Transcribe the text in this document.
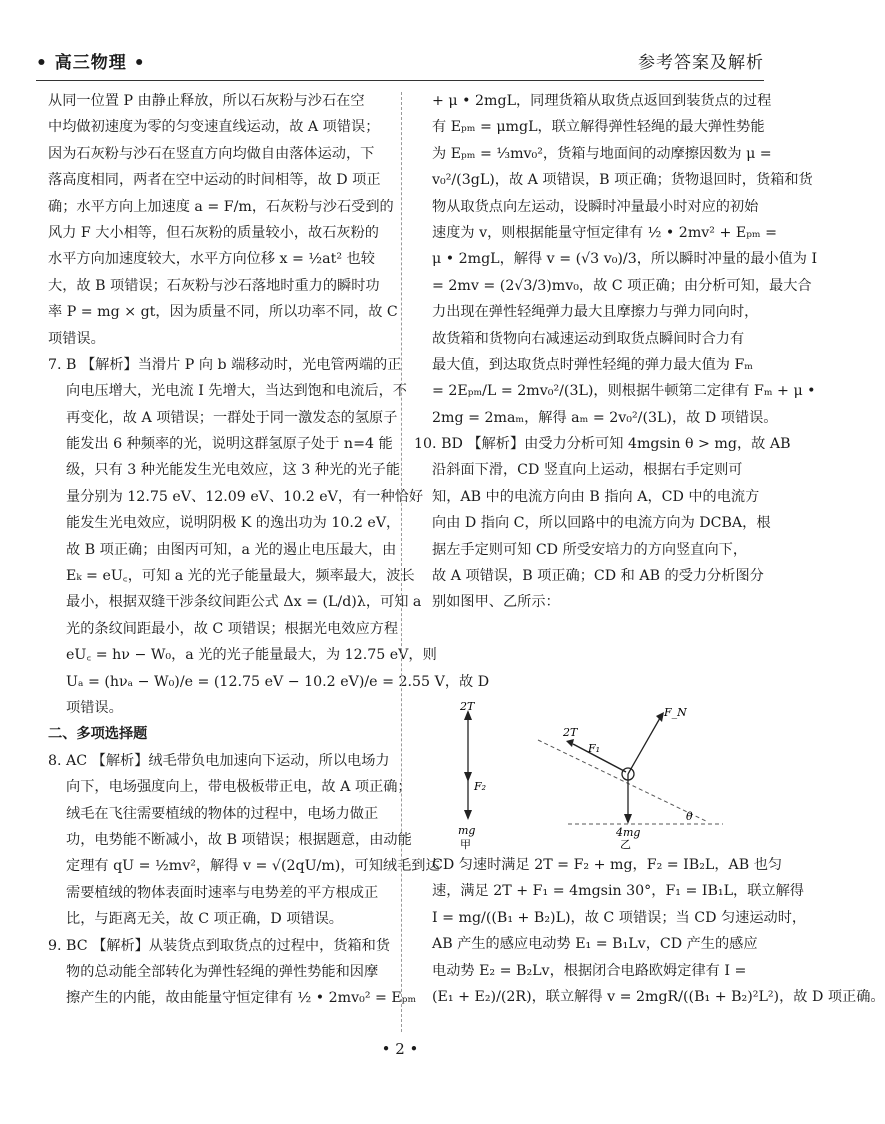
• 高三物理 •	参考答案及解析
从同一位置 P 由静止释放，所以石灰粉与沙石在空
中均做初速度为零的匀变速直线运动，故 A 项错误；
因为石灰粉与沙石在竖直方向均做自由落体运动，下
落高度相同，两者在空中运动的时间相等，故 D 项正
确；水平方向上加速度 a = F/m，石灰粉与沙石受到的
风力 F 大小相等，但石灰粉的质量较小，故石灰粉的
水平方向加速度较大，水平方向位移 x = ½at² 也较
大，故 B 项错误；石灰粉与沙石落地时重力的瞬时功
率 P = mg × gt，因为质量不同，所以功率不同，故 C
项错误。
7. B 【解析】当滑片 P 向 b 端移动时，光电管两端的正
向电压增大，光电流 I 先增大，当达到饱和电流后，不
再变化，故 A 项错误；一群处于同一激发态的氢原子
能发出 6 种频率的光，说明这群氢原子处于 n=4 能
级，只有 3 种光能发生光电效应，这 3 种光的光子能
量分别为 12.75 eV、12.09 eV、10.2 eV，有一种恰好
能发生光电效应，说明阴极 K 的逸出功为 10.2 eV，
故 B 项正确；由图丙可知，a 光的遏止电压最大，由
Eₖ = eU꜀，可知 a 光的光子能量最大，频率最大，波长
最小，根据双缝干涉条纹间距公式 Δx = (L/d)λ，可知 a
光的条纹间距最小，故 C 项错误；根据光电效应方程
eU꜀ = hν − W₀，a 光的光子能量最大，为 12.75 eV，则
Uₐ = (hνₐ − W₀)/e = (12.75 eV − 10.2 eV)/e = 2.55 V，故 D
项错误。
二、多项选择题
8. AC 【解析】绒毛带负电加速向下运动，所以电场力
向下，电场强度向上，带电极板带正电，故 A 项正确；
绒毛在飞往需要植绒的物体的过程中，电场力做正
功，电势能不断减小，故 B 项错误；根据题意，由动能
定理有 qU = ½mv²，解得 v = √(2qU/m)，可知绒毛到达
需要植绒的物体表面时速率与电势差的平方根成正
比，与距离无关，故 C 项正确，D 项错误。
9. BC 【解析】从装货点到取货点的过程中，货箱和货
物的总动能全部转化为弹性轻绳的弹性势能和因摩
擦产生的内能，故由能量守恒定律有 ½ • 2mv₀² = Eₚₘ
+ μ • 2mgL，同理货箱从取货点返回到装货点的过程
有 Eₚₘ = μmgL，联立解得弹性轻绳的最大弹性势能
为 Eₚₘ = ⅓mv₀²，货箱与地面间的动摩擦因数为 μ =
v₀²/(3gL)，故 A 项错误，B 项正确；货物退回时，货箱和货
物从取货点向左运动，设瞬时冲量最小时对应的初始
速度为 v，则根据能量守恒定律有 ½ • 2mv² + Eₚₘ =
μ • 2mgL，解得 v = (√3 v₀)/3，所以瞬时冲量的最小值为 I
= 2mv = (2√3/3)mv₀，故 C 项正确；由分析可知，最大合
力出现在弹性轻绳弹力最大且摩擦力与弹力同向时，
故货箱和货物向右减速运动到取货点瞬间时合力有
最大值，到达取货点时弹性轻绳的弹力最大值为 Fₘ
= 2Eₚₘ/L = 2mv₀²/(3L)，则根据牛顿第二定律有 Fₘ + μ •
2mg = 2maₘ，解得 aₘ = 2v₀²/(3L)，故 D 项错误。
10. BD 【解析】由受力分析可知 4mgsin θ > mg，故 AB
沿斜面下滑，CD 竖直向上运动，根据右手定则可
知，AB 中的电流方向由 B 指向 A，CD 中的电流方
向由 D 指向 C，所以回路中的电流方向为 DCBA，根
据左手定则可知 CD 所受安培力的方向竖直向下，
故 A 项错误，B 项正确；CD 和 AB 的受力分析图分
别如图甲、乙所示：
2T
F₂
mg
甲
2T
F₁
F_N
4mg
θ
乙
CD 匀速时满足 2T = F₂ + mg，F₂ = IB₂L，AB 也匀
速，满足 2T + F₁ = 4mgsin 30°，F₁ = IB₁L，联立解得
I = mg/((B₁ + B₂)L)，故 C 项错误；当 CD 匀速运动时，
AB 产生的感应电动势 E₁ = B₁Lv，CD 产生的感应
电动势 E₂ = B₂Lv，根据闭合电路欧姆定律有 I =
(E₁ + E₂)/(2R)，联立解得 v = 2mgR/((B₁ + B₂)²L²)，故 D 项正确。
• 2 •
